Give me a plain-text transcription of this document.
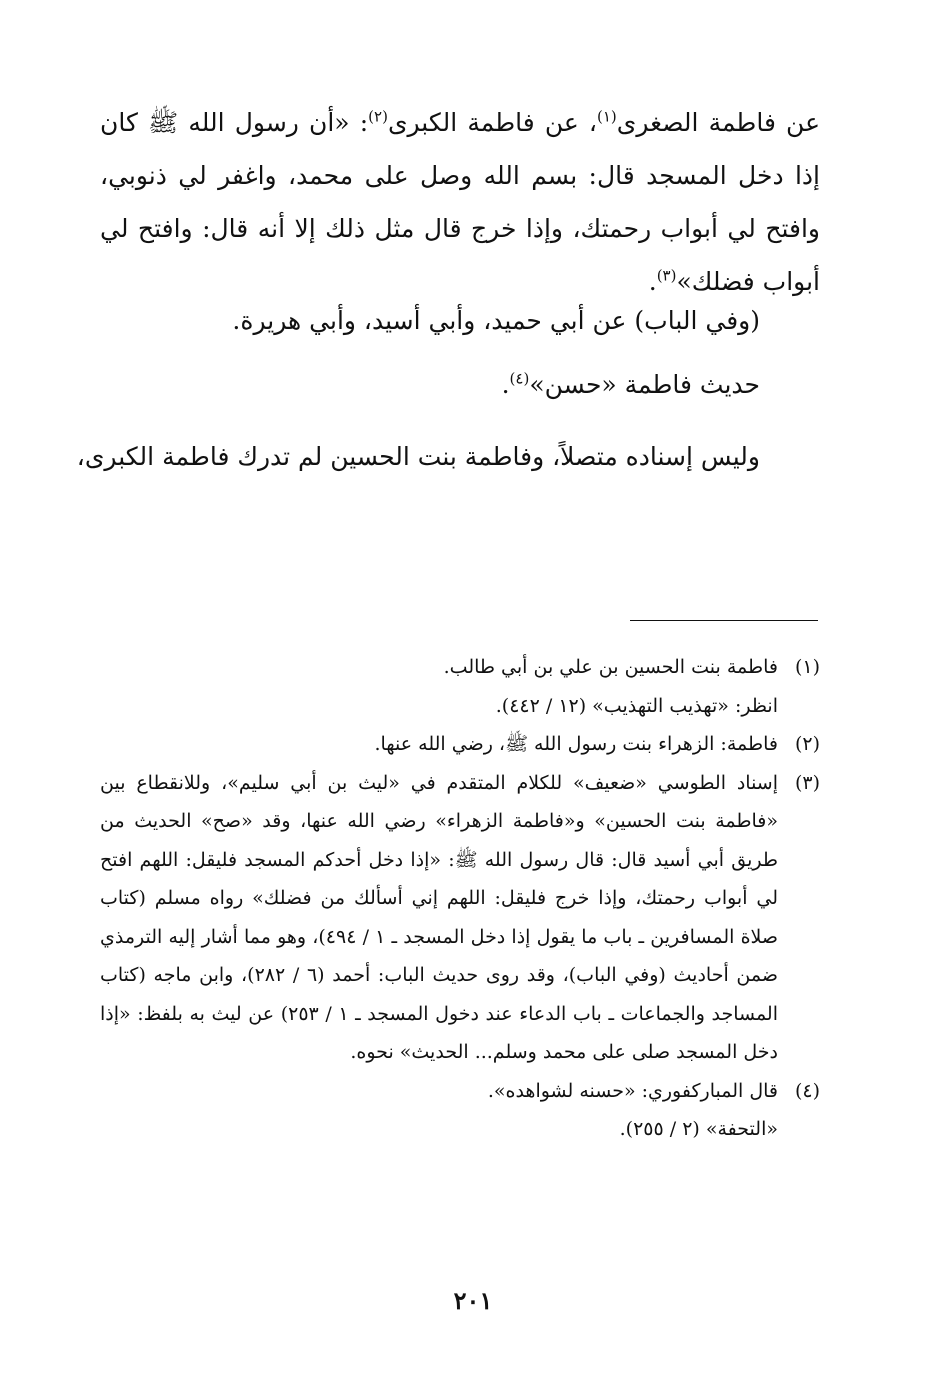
عن فاطمة الصغرى$^{(١)}$، عن فاطمة الكبرى$^{(٢)}$: «أن رسول الله ﷺ كان إذا دخل المسجد قال: بسم الله وصل على محمد، واغفر لي ذنوبي، وافتح لي أبواب رحمتك، وإذا خرج قال مثل ذلك إلا أنه قال: وافتح لي أبواب فضلك»$^{(٣)}$.

(وفي الباب) عن أبي حميد، وأبي أسيد، وأبي هريرة.

حديث فاطمة «حسن»$^{(٤)}$.

وليس إسناده متصلاً، وفاطمة بنت الحسين لم تدرك فاطمة الكبرى،

(١)
فاطمة بنت الحسين بن علي بن أبي طالب.

انظر: «تهذيب التهذيب» (١٢ / ٤٤٢).

(٢)
فاطمة: الزهراء بنت رسول الله ﷺ، رضي الله عنها.
(٣)
إسناد الطوسي «ضعيف» للكلام المتقدم في «ليث بن أبي سليم»، وللانقطاع بين «فاطمة بنت الحسين» و«فاطمة الزهراء» رضي الله عنها، وقد «صح» الحديث من طريق أبي أسيد قال: قال رسول الله ﷺ: «إذا دخل أحدكم المسجد فليقل: اللهم افتح لي أبواب رحمتك، وإذا خرج فليقل: اللهم إني أسألك من فضلك» رواه مسلم (كتاب صلاة المسافرين ـ باب ما يقول إذا دخل المسجد ـ ١ / ٤٩٤)، وهو مما أشار إليه الترمذي ضمن أحاديث (وفي الباب)، وقد روى حديث الباب: أحمد (٦ / ٢٨٢)، وابن ماجه (كتاب المساجد والجماعات ـ باب الدعاء عند دخول المسجد ـ ١ / ٢٥٣) عن ليث به بلفظ: «إذا دخل المسجد صلى على محمد وسلم... الحديث» نحوه.
(٤)
قال المباركفوري: «حسنه لشواهده».

«التحفة» (٢ / ٢٥٥).

٢٠١
